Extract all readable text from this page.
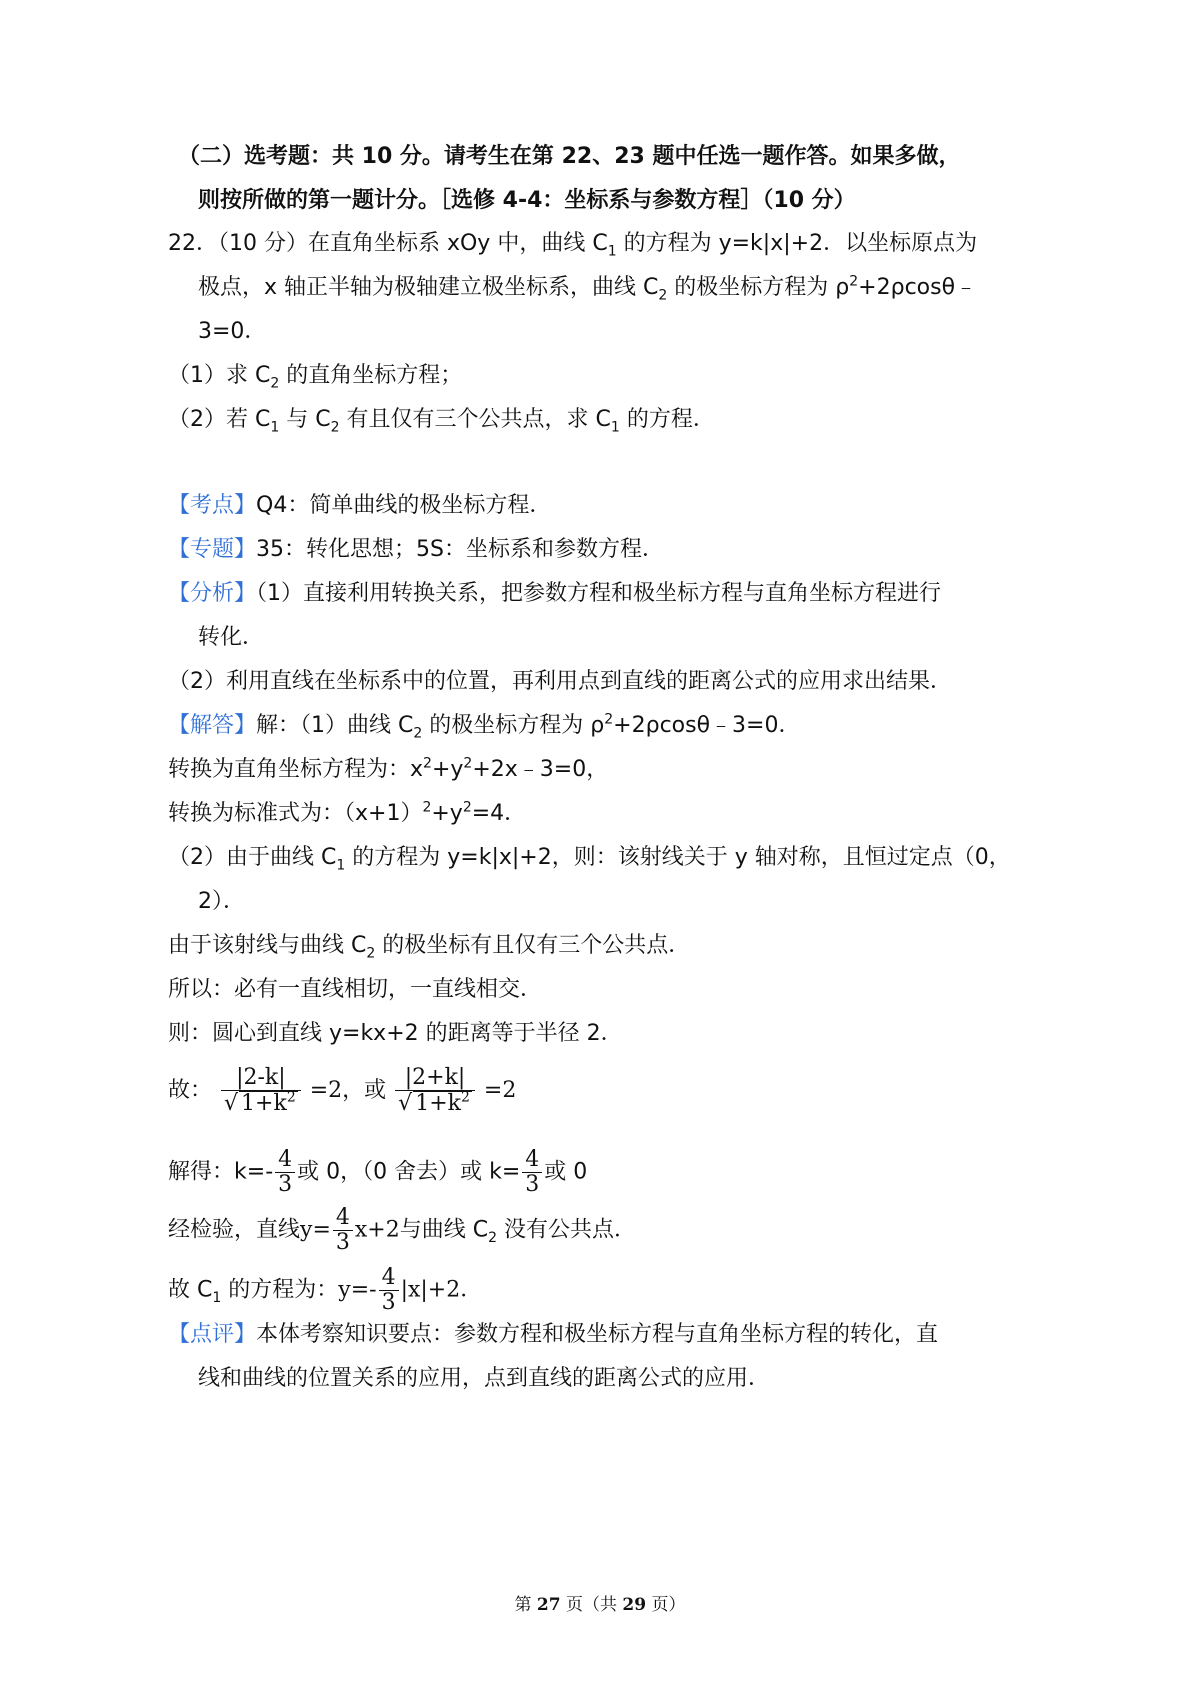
（二）选考题：共 10 分。请考生在第 22、23 题中任选一题作答。如果多做，
则按所做的第一题计分。［选修 4-4：坐标系与参数方程］（10 分）
22．（10 分）在直角坐标系 xOy 中，曲线 $C_1$ 的方程为 y=k|x|+2．以坐标原点为
极点，x 轴正半轴为极轴建立极坐标系，曲线 $C_2$ 的极坐标方程为 $\rho^2+2\rho\cos\theta﹣$
3=0．
（1）求 $C_2$ 的直角坐标方程；
（2）若 $C_1$ 与 $C_2$ 有且仅有三个公共点，求 $C_1$ 的方程．
【考点】Q4：简单曲线的极坐标方程．
【专题】35：转化思想；5S：坐标系和参数方程．
【分析】（1）直接利用转换关系，把参数方程和极坐标方程与直角坐标方程进行
转化．
（2）利用直线在坐标系中的位置，再利用点到直线的距离公式的应用求出结果．
【解答】解：（1）曲线 $C_2$ 的极坐标方程为 $\rho^2+2\rho\cos\theta﹣3=0$．
转换为直角坐标方程为：$x^2+y^2+2x﹣3=0$，
转换为标准式为：$(x+1)^2+y^2=4$．
（2）由于曲线 $C_1$ 的方程为 y=k|x|+2，则：该射线关于 y 轴对称，且恒过定点（0，
2）．
由于该射线与曲线 $C_2$ 的极坐标有且仅有三个公共点．
所以：必有一直线相切，一直线相交．
则：圆心到直线 y=kx+2 的距离等于半径 2．
故： $\frac{|2-k|}{√ 1+k^2} =2$，或 $\frac{|2+k|}{√ 1+k^2} =2$
解得：$k=- \frac{4}{3}$ 或 0，（0 舍去）或 $k= \frac{4}{3}$ 或 0
经检验，直线$y= \frac{4}{3} x+2$与曲线 $C_2$ 没有公共点．
故 $C_1$ 的方程为：$y=- \frac{4}{3} |x|+2$．
【点评】本体考察知识要点：参数方程和极坐标方程与直角坐标方程的转化，直
线和曲线的位置关系的应用，点到直线的距离公式的应用．
第 27 页（共 29 页）
